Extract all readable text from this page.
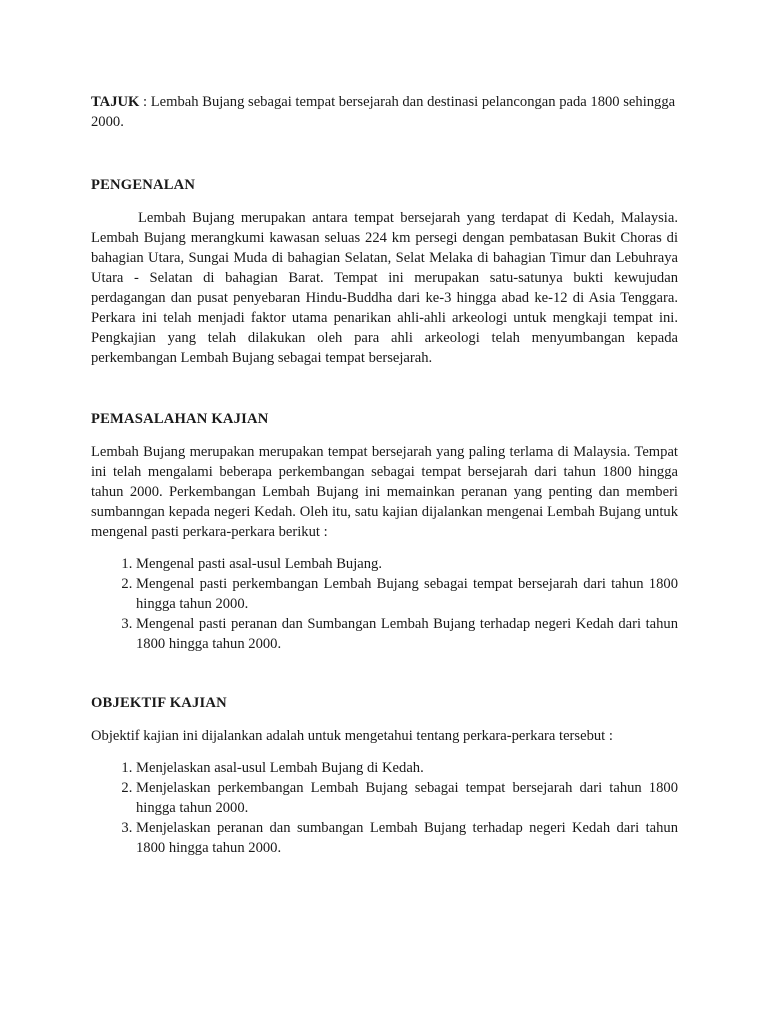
TAJUK : Lembah Bujang sebagai tempat bersejarah dan destinasi pelancongan pada 1800 sehingga 2000.

PENGENALAN

Lembah Bujang merupakan antara tempat bersejarah yang terdapat di Kedah, Malaysia. Lembah Bujang merangkumi kawasan seluas 224 km persegi dengan pembatasan Bukit Choras di bahagian Utara, Sungai Muda di bahagian Selatan, Selat Melaka di bahagian Timur dan Lebuhraya Utara - Selatan di bahagian Barat. Tempat ini merupakan satu-satunya bukti kewujudan perdagangan dan pusat penyebaran Hindu-Buddha dari ke-3 hingga abad ke-12 di Asia Tenggara. Perkara ini telah menjadi faktor utama penarikan ahli-ahli arkeologi untuk mengkaji tempat ini. Pengkajian yang telah dilakukan oleh para ahli arkeologi telah menyumbangan kepada perkembangan Lembah Bujang sebagai tempat bersejarah.

PEMASALAHAN KAJIAN

Lembah Bujang merupakan merupakan tempat bersejarah yang paling terlama di Malaysia. Tempat ini telah mengalami beberapa perkembangan sebagai tempat bersejarah dari tahun 1800 hingga tahun 2000. Perkembangan Lembah Bujang ini memainkan peranan yang penting dan memberi sumbanngan kepada negeri Kedah. Oleh itu, satu kajian dijalankan mengenai Lembah Bujang untuk mengenal pasti perkara-perkara berikut :

1. Mengenal pasti asal-usul Lembah Bujang.
2. Mengenal pasti perkembangan Lembah Bujang sebagai tempat bersejarah dari tahun 1800 hingga tahun 2000.
3. Mengenal pasti peranan dan Sumbangan Lembah Bujang terhadap negeri Kedah dari tahun 1800 hingga tahun 2000.

OBJEKTIF KAJIAN

Objektif kajian ini dijalankan adalah untuk mengetahui tentang perkara-perkara tersebut :

1. Menjelaskan asal-usul Lembah Bujang di Kedah.
2. Menjelaskan perkembangan Lembah Bujang sebagai tempat bersejarah dari tahun 1800 hingga tahun 2000.
3. Menjelaskan peranan dan sumbangan Lembah Bujang terhadap negeri Kedah dari tahun 1800 hingga tahun 2000.
